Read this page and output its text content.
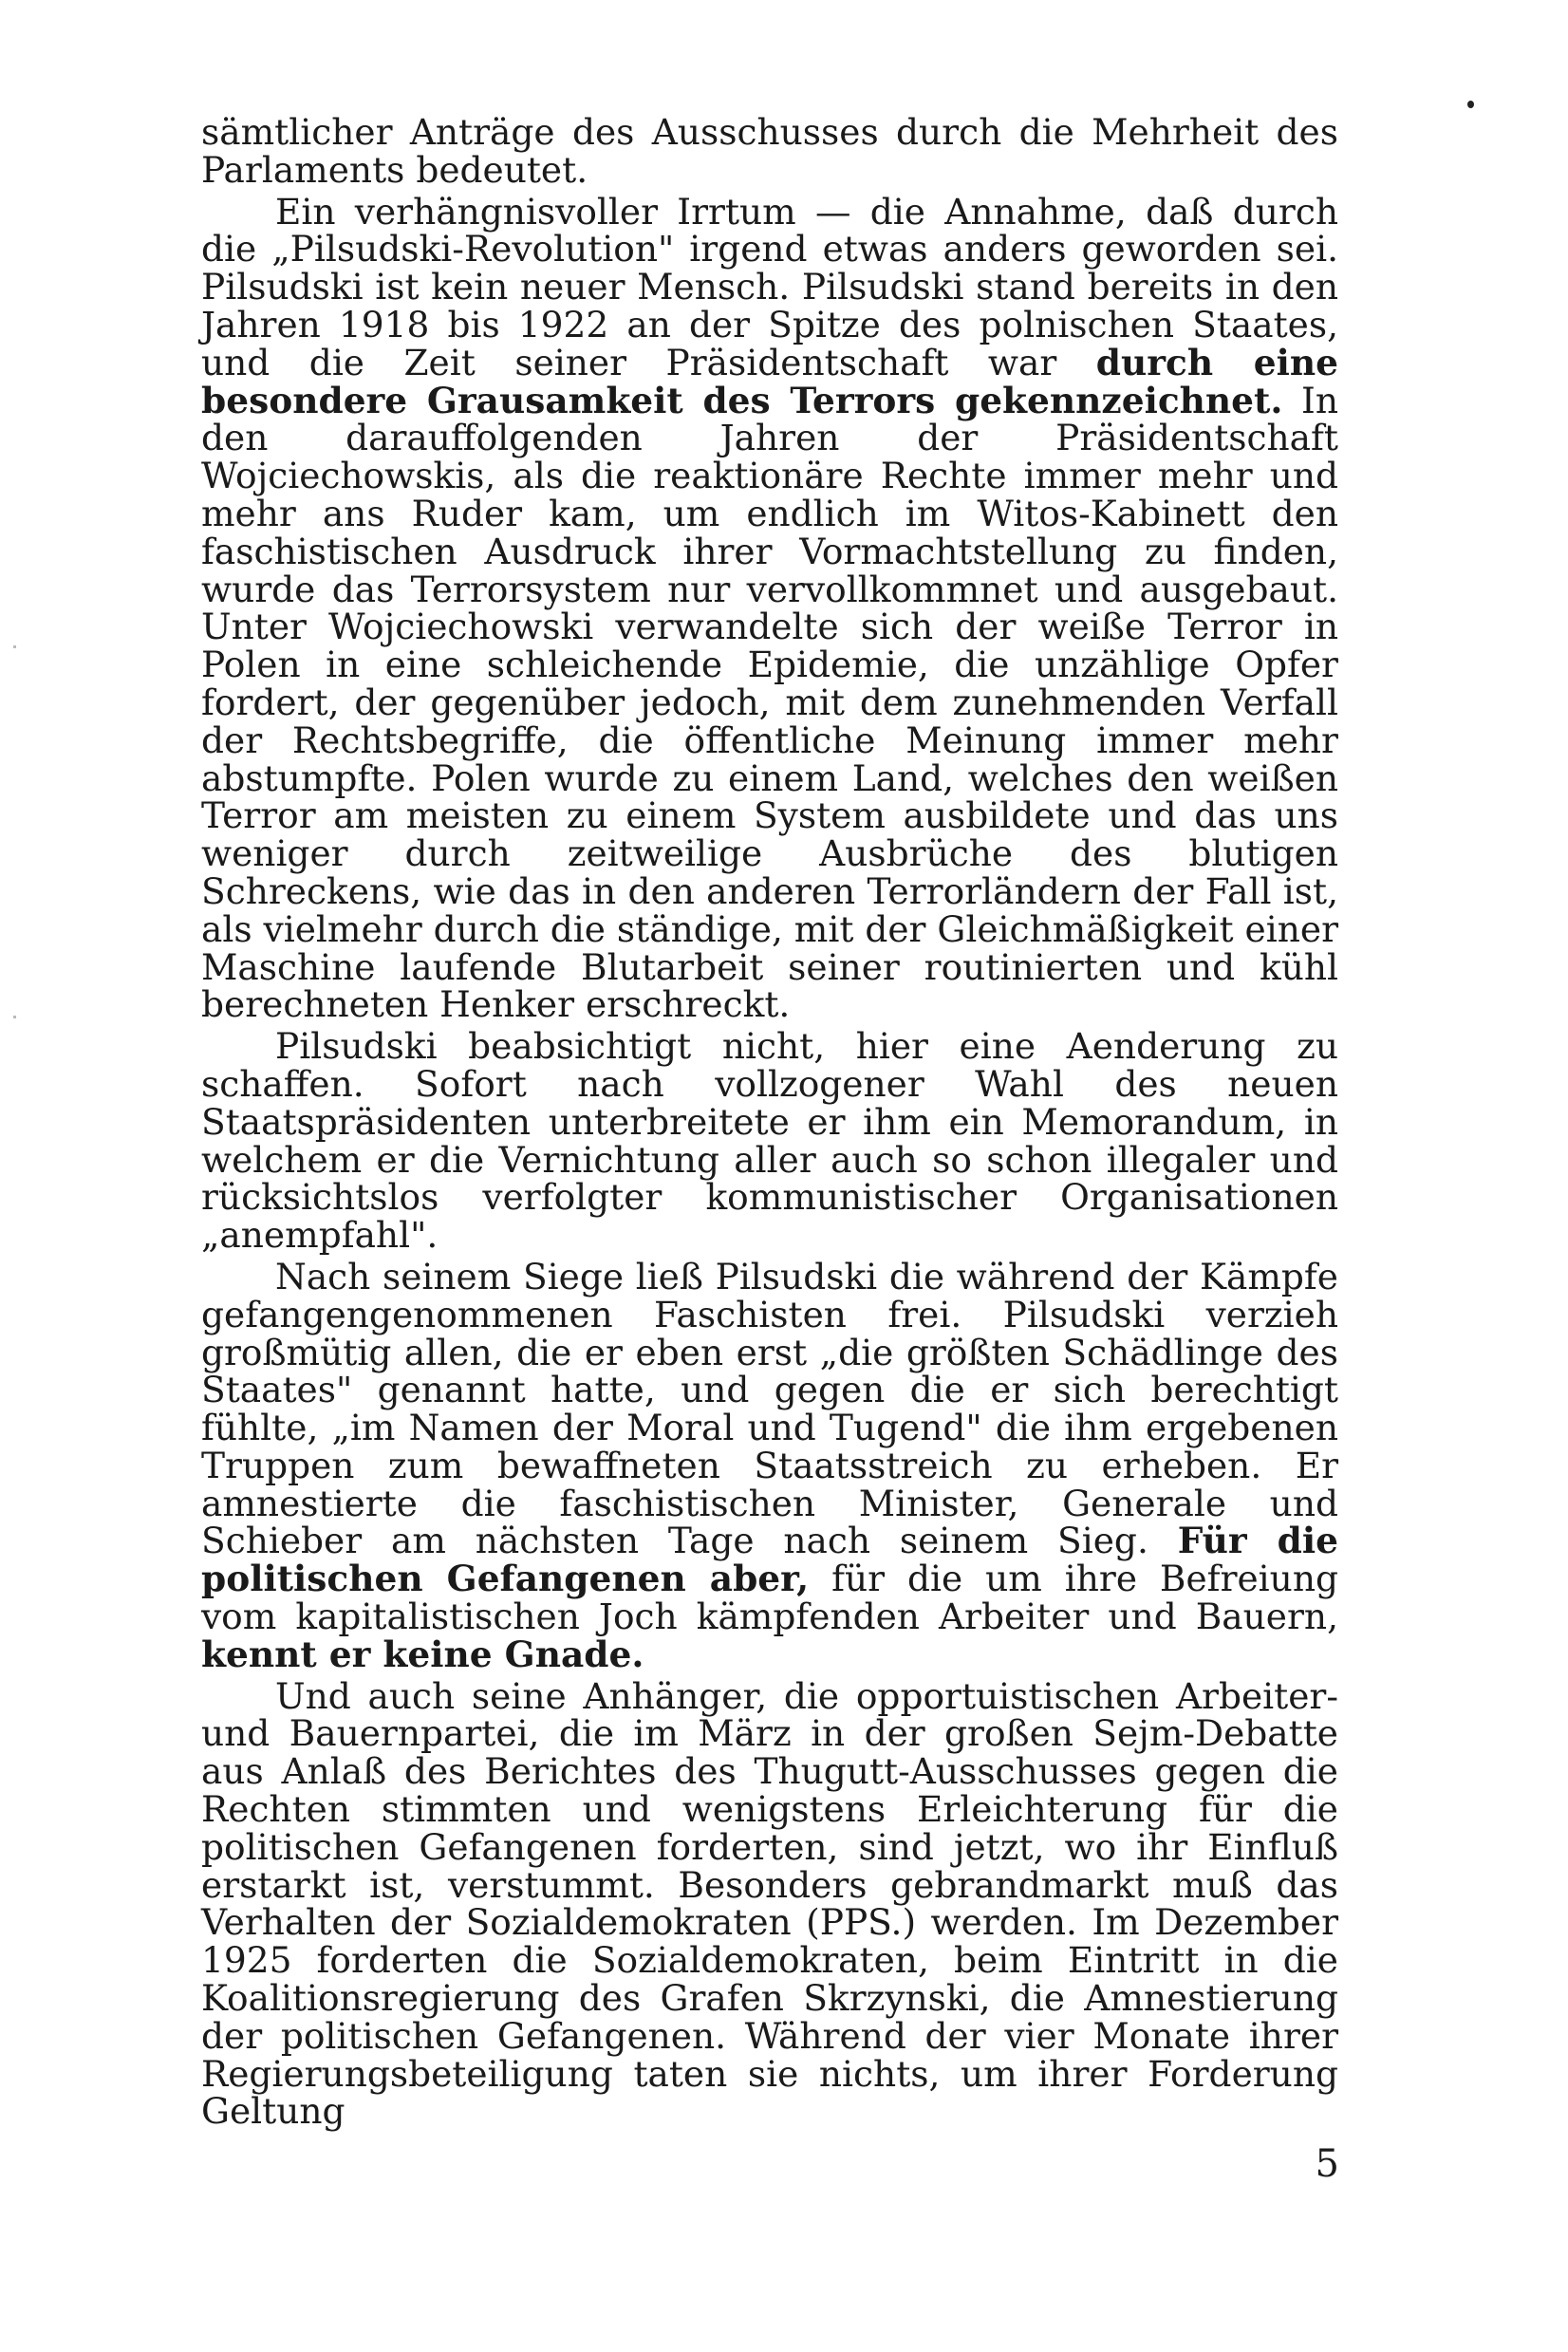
sämtlicher Anträge des Ausschusses durch die Mehrheit des Parlaments bedeutet.

Ein verhängnisvoller Irrtum — die Annahme, daß durch die „Pilsudski-Revolution" irgend etwas anders geworden sei. Pilsudski ist kein neuer Mensch. Pilsudski stand bereits in den Jahren 1918 bis 1922 an der Spitze des polnischen Staates, und die Zeit seiner Präsidentschaft war durch eine besondere Grausamkeit des Terrors gekennzeichnet. In den darauffolgenden Jahren der Präsidentschaft Wojciechowskis, als die reaktionäre Rechte immer mehr und mehr ans Ruder kam, um endlich im Witos-Kabinett den faschistischen Ausdruck ihrer Vormachtstellung zu finden, wurde das Terrorsystem nur vervollkommnet und ausgebaut. Unter Wojciechowski verwandelte sich der weiße Terror in Polen in eine schleichende Epidemie, die unzählige Opfer fordert, der gegenüber jedoch, mit dem zunehmenden Verfall der Rechtsbegriffe, die öffentliche Meinung immer mehr abstumpfte. Polen wurde zu einem Land, welches den weißen Terror am meisten zu einem System ausbildete und das uns weniger durch zeitweilige Ausbrüche des blutigen Schreckens, wie das in den anderen Terrorländern der Fall ist, als vielmehr durch die ständige, mit der Gleichmäßigkeit einer Maschine laufende Blutarbeit seiner routinierten und kühl berechneten Henker erschreckt.

Pilsudski beabsichtigt nicht, hier eine Aenderung zu schaffen. Sofort nach vollzogener Wahl des neuen Staatspräsidenten unterbreitete er ihm ein Memorandum, in welchem er die Vernichtung aller auch so schon illegaler und rücksichtslos verfolgter kommunistischer Organisationen „anempfahl".

Nach seinem Siege ließ Pilsudski die während der Kämpfe gefangengenommenen Faschisten frei. Pilsudski verzieh großmütig allen, die er eben erst „die größten Schädlinge des Staates" genannt hatte, und gegen die er sich berechtigt fühlte, „im Namen der Moral und Tugend" die ihm ergebenen Truppen zum bewaffneten Staatsstreich zu erheben. Er amnestierte die faschistischen Minister, Generale und Schieber am nächsten Tage nach seinem Sieg. Für die politischen Gefangenen aber, für die um ihre Befreiung vom kapitalistischen Joch kämpfenden Arbeiter und Bauern, kennt er keine Gnade.

Und auch seine Anhänger, die opportuistischen Arbeiter- und Bauernpartei, die im März in der großen Sejm-Debatte aus Anlaß des Berichtes des Thugutt-Ausschusses gegen die Rechten stimmten und wenigstens Erleichterung für die politischen Gefangenen forderten, sind jetzt, wo ihr Einfluß erstarkt ist, verstummt. Besonders gebrandmarkt muß das Verhalten der Sozialdemokraten (PPS.) werden. Im Dezember 1925 forderten die Sozialdemokraten, beim Eintritt in die Koalitionsregierung des Grafen Skrzynski, die Amnestierung der politischen Gefangenen. Während der vier Monate ihrer Regierungsbeteiligung taten sie nichts, um ihrer Forderung Geltung

5
